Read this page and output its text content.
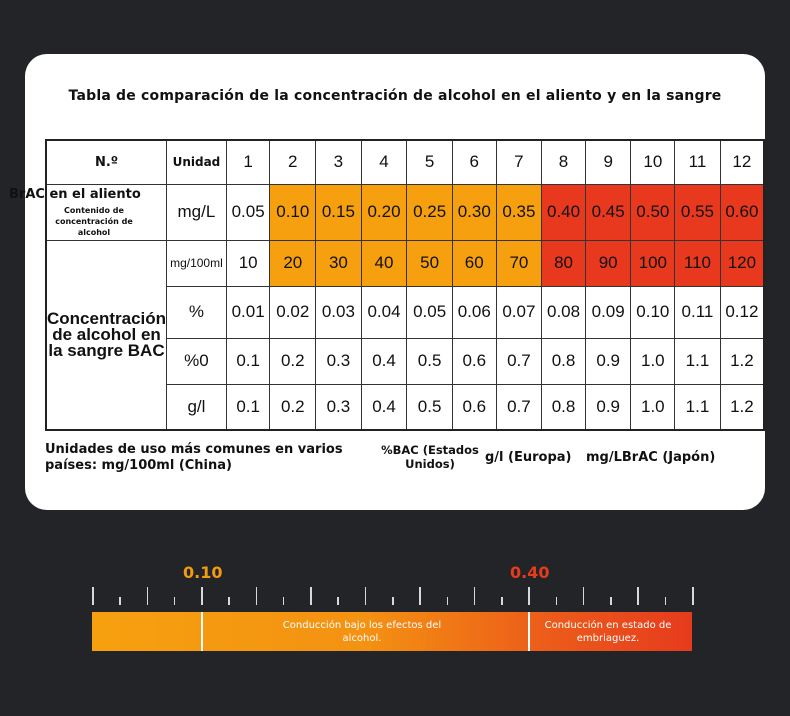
Tabla de comparación de la concentración de alcohol en el aliento y en la sangre
N.º	Unidad	1	2	3	4	5	6	7	8	9	10	11	12

BrAC en el aliento
Contenido de concentración de alcohol	mg/L	0.05	0.10	0.15	0.20	0.25	0.30	0.35	0.40	0.45	0.50	0.55	0.60
Concentración de alcohol en la sangre BAC	mg/100ml	10	20	30	40	50	60	70	80	90	100	110	120
	%	0.01	0.02	0.03	0.04	0.05	0.06	0.07	0.08	0.09	0.10	0.11	0.12
	%0	0.1	0.2	0.3	0.4	0.5	0.6	0.7	0.8	0.9	1.0	1.1	1.2
	g/l	0.1	0.2	0.3	0.4	0.5	0.6	0.7	0.8	0.9	1.0	1.1	1.2
Unidades de uso más comunes en varios países: mg/100ml (China)
%BAC (Estados Unidos)	g/l (Europa) mg/LBrAC (Japón)
0.10	0.40
Conducción bajo los efectos del alcohol.
Conducción en estado de embriaguez.
